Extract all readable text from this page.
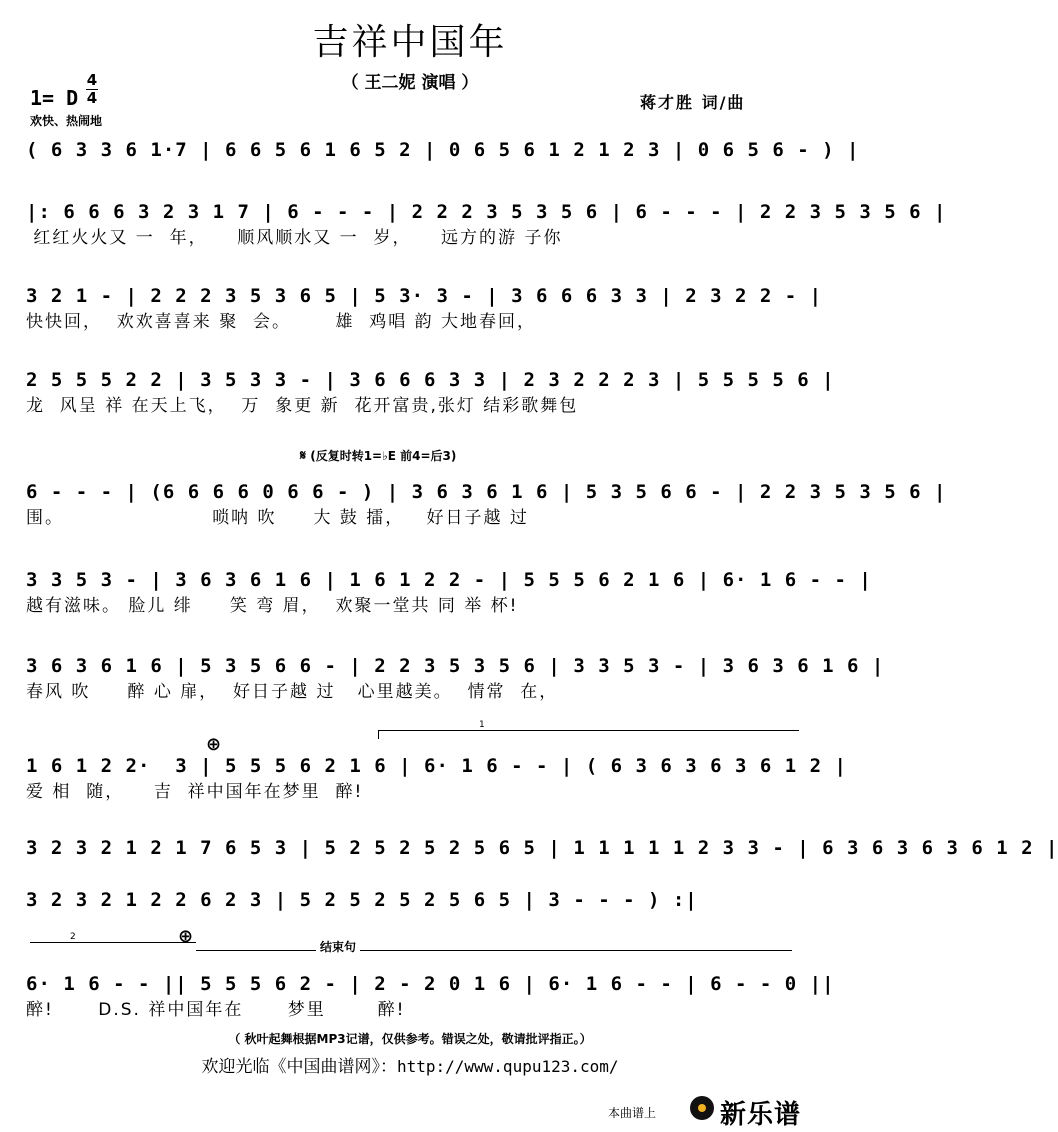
吉祥中国年
（ 王二妮 演唱 ）
1= D
4
4
欢快、热闹地
蒋才胜 词/曲
( 6 3 3 6 1·7 | 6 6 5 6 1 6 5 2 | 0 6 5 6 1 2 1 2 3 | 0 6 5 6 - ) |
|: 6 6 6 3 2 3 1 7 | 6 - - - | 2 2 2 3 5 3 5 6 | 6 - - - | 2 2 3 5 3 5 6 |
红红火火又 一  年，    顺风顺水又 一  岁，    远方的游 子你
3 2 1 - | 2 2 2 3 5 3 6 5 | 5 3· 3 - | 3 6 6 6 3 3 | 2 3 2 2 - |
快快回，  欢欢喜喜来 聚  会。      雄  鸡唱 韵 大地春回，
2 5 5 5 2 2 | 3 5 3 3 - | 3 6 6 6 3 3 | 2 3 2 2 2 3 | 5 5 5 5 6 |
龙  风呈 祥 在天上飞，  万  象更 新  花开富贵,张灯 结彩歌舞包
𝄋 (反复时转1=♭E 前4=后3)
6 - - - | (6 6 6 6 0 6 6 - ) | 3 6 3 6 1 6 | 5 3 5 6 6 - | 2 2 3 5 3 5 6 |
围。                    唢呐 吹     大 鼓 擂，   好日子越 过
3 3 5 3 - | 3 6 3 6 1 6 | 1 6 1 2 2 - | 5 5 5 6 2 1 6 | 6· 1 6 - - |
越有滋味。 脸儿 绯     笑 弯 眉，  欢聚一堂共 同 举 杯!
3 6 3 6 1 6 | 5 3 5 6 6 - | 2 2 3 5 3 5 6 | 3 3 5 3 - | 3 6 3 6 1 6 |
春风 吹     醉 心 扉，  好日子越 过   心里越美。  情常  在，
1
⊕
1 6 1 2 2·  3 | 5 5 5 6 2 1 6 | 6· 1 6 - - | ( 6 3 6 3 6 3 6 1 2 |
爱 相  随，    吉  祥中国年在梦里  醉!
3 2 3 2 1 2 1 7 6 5 3 | 5 2 5 2 5 2 5 6 5 | 1 1 1 1 1 2 3 3 - | 6 3 6 3 6 3 6 1 2 |
3 2 3 2 1 2 2 6 2 3 | 5 2 5 2 5 2 5 6 5 | 3 - - - ) :|
2	⊕	结束句
6· 1 6 - - || 5 5 5 6 2 - | 2 - 2 0 1 6 | 6· 1 6 - - | 6 - - 0 ||
醉!      D.S. 祥中国年在      梦里       醉!
（ 秋叶起舞根据MP3记谱，仅供参考。错误之处，敬请批评指正。）
欢迎光临《中国曲谱网》：http://www.qupu123.com/
本曲谱上 新乐谱
